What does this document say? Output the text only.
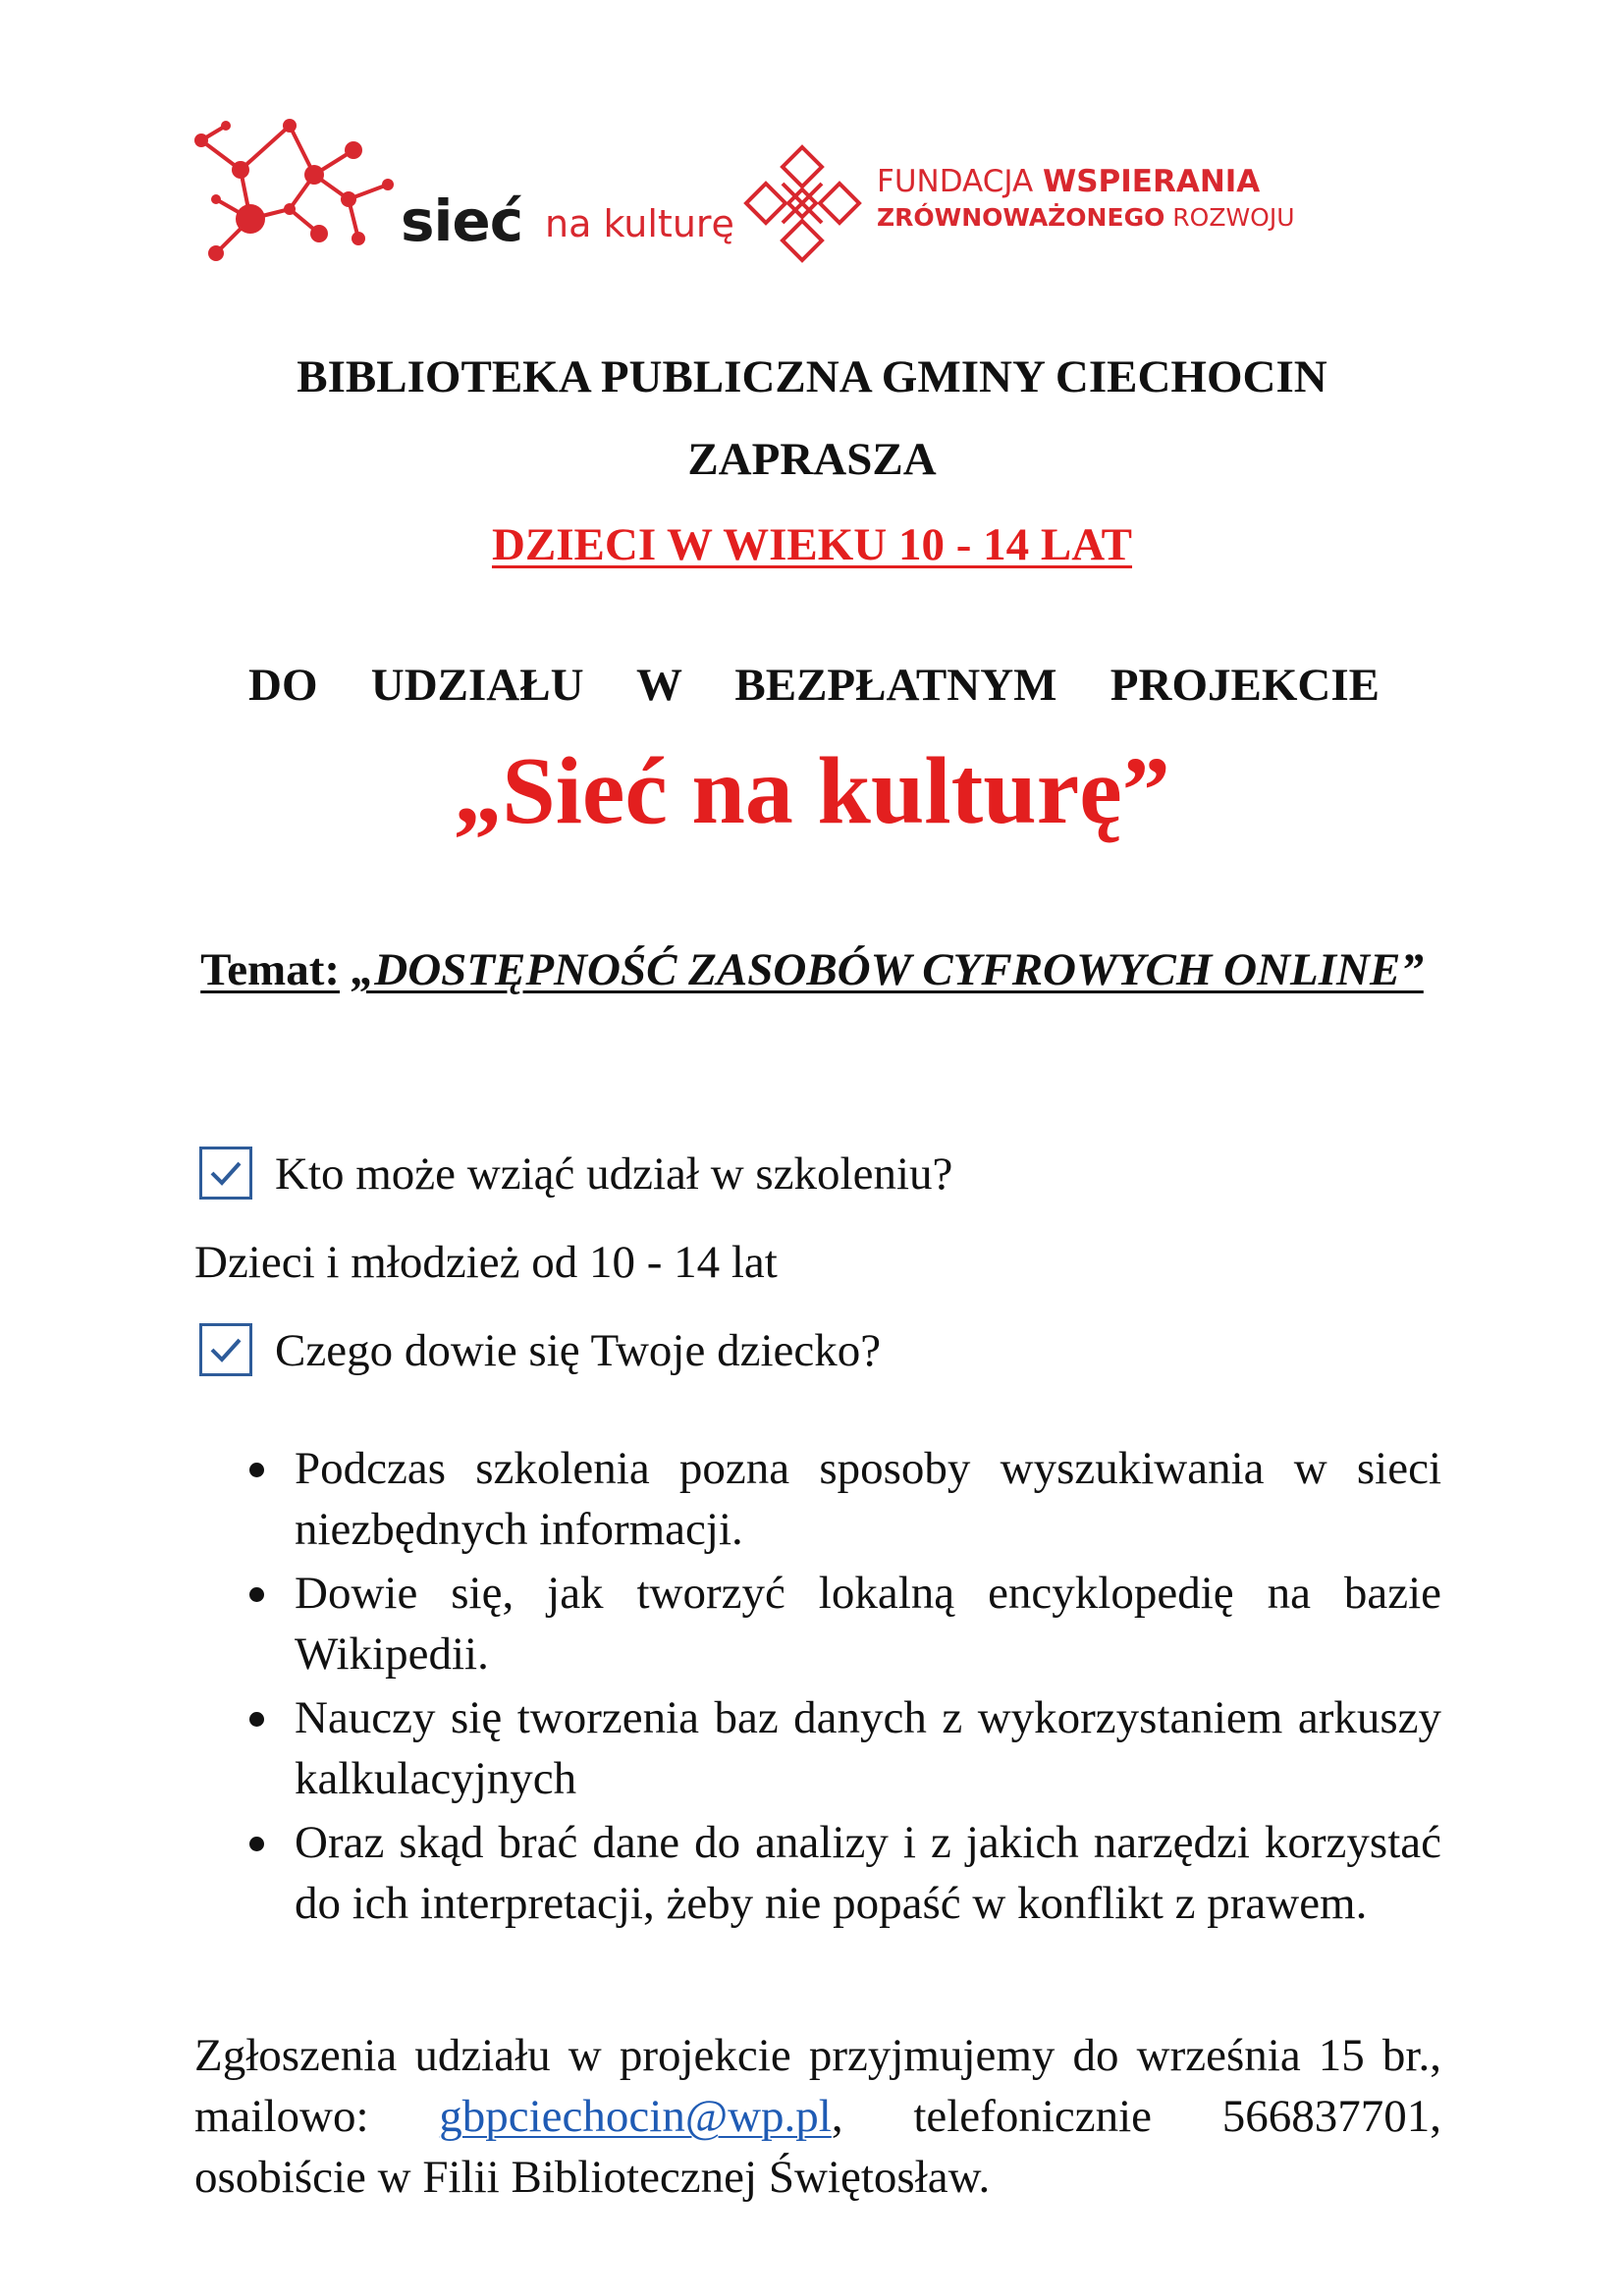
sieć na kulturę
FUNDACJA WSPIERANIA
ZRÓWNOWAŻONEGO ROZWOJU
BIBLIOTEKA PUBLICZNA GMINY CIECHOCIN
ZAPRASZA
DZIECI W WIEKU 10 - 14 LAT
DO UDZIAŁU W BEZPŁATNYM PROJEKCIE
„Sieć na kulturę”
Temat: „DOSTĘPNOŚĆ ZASOBÓW CYFROWYCH ONLINE”
Kto może wziąć udział w szkoleniu?
Dzieci i młodzież od 10 - 14 lat
Czego dowie się Twoje dziecko?
Podczas szkolenia pozna sposoby wyszukiwania w sieci niezbędnych informacji.
Dowie się, jak tworzyć lokalną encyklopedię na bazie Wikipedii.
Nauczy się tworzenia baz danych z wykorzystaniem arkuszy kalkulacyjnych
Oraz skąd brać dane do analizy i z jakich narzędzi korzystać do ich interpretacji, żeby nie popaść w konflikt z prawem.
Zgłoszenia udziału w projekcie przyjmujemy do września 15 br., mailowo: gbpciechocin@wp.pl, telefonicznie 566837701, osobiście w Filii Bibliotecznej Świętosław.
